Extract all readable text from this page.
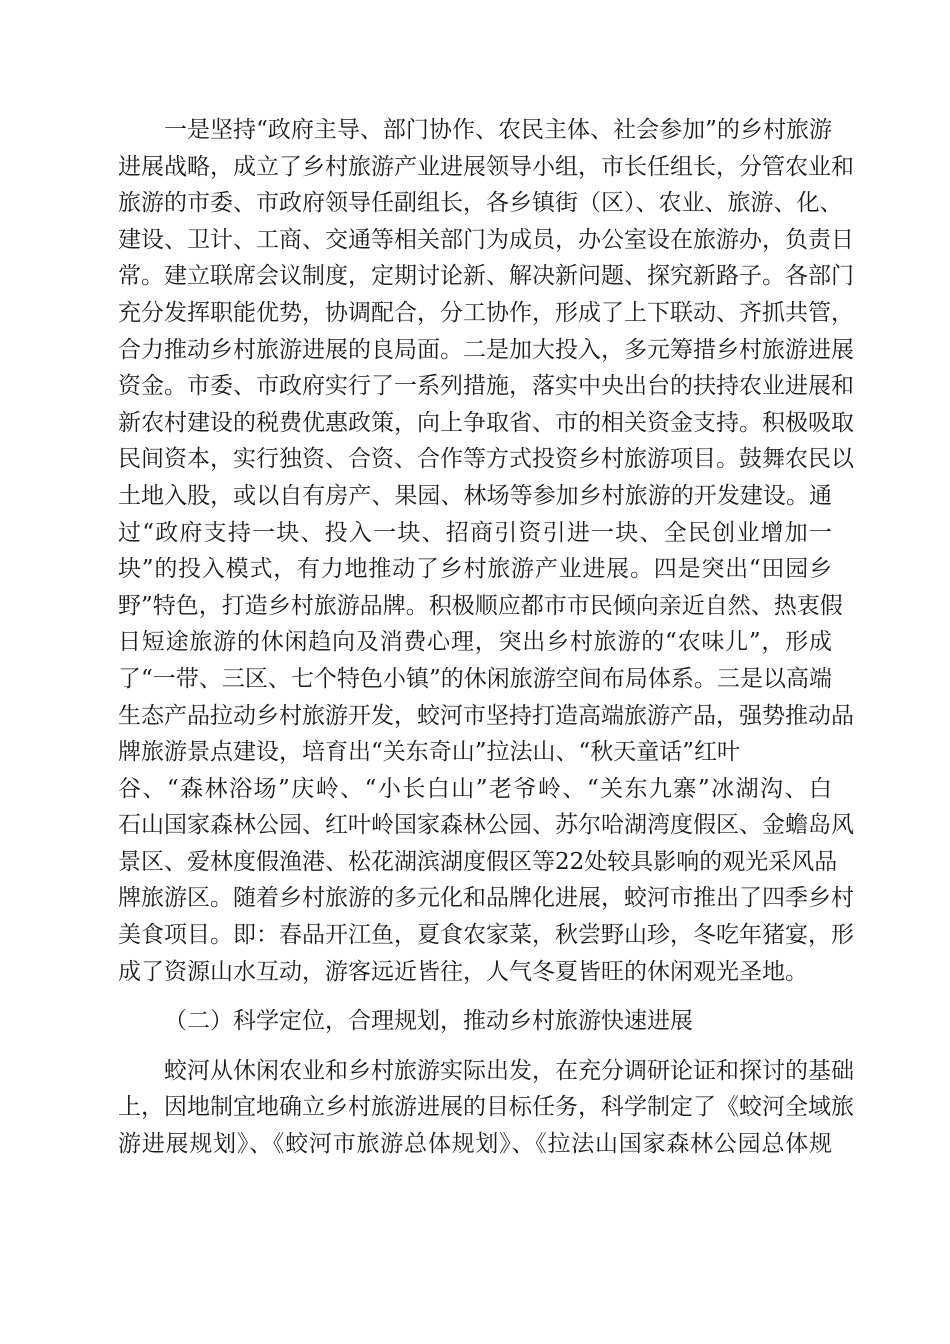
一是坚持“政府主导、部门协作、农民主体、社会参加”的乡村旅游
进展战略，成立了乡村旅游产业进展领导小组，市长任组长，分管农业和
旅游的市委、市政府领导任副组长，各乡镇街（区）、农业、旅游、化、
建设、卫计、工商、交通等相关部门为成员，办公室设在旅游办，负责日
常。建立联席会议制度，定期讨论新、解决新问题、探究新路子。各部门
充分发挥职能优势，协调配合，分工协作，形成了上下联动、齐抓共管，
合力推动乡村旅游进展的良局面。二是加大投入，多元筹措乡村旅游进展
资金。市委、市政府实行了一系列措施，落实中央出台的扶持农业进展和
新农村建设的税费优惠政策，向上争取省、市的相关资金支持。积极吸取
民间资本，实行独资、合资、合作等方式投资乡村旅游项目。鼓舞农民以
土地入股，或以自有房产、果园、林场等参加乡村旅游的开发建设。通
过“政府支持一块、投入一块、招商引资引进一块、全民创业增加一
块”的投入模式，有力地推动了乡村旅游产业进展。四是突出“田园乡
野”特色，打造乡村旅游品牌。积极顺应都市市民倾向亲近自然、热衷假
日短途旅游的休闲趋向及消费心理，突出乡村旅游的“农味儿”，形成
了“一带、三区、七个特色小镇”的休闲旅游空间布局体系。三是以高端
生态产品拉动乡村旅游开发，蛟河市坚持打造高端旅游产品，强势推动品
牌旅游景点建设，培育出“关东奇山”拉法山、“秋天童话”红叶
谷、“森林浴场”庆岭、“小长白山”老爷岭、“关东九寨”冰湖沟、白
石山国家森林公园、红叶岭国家森林公园、苏尔哈湖湾度假区、金蟾岛风
景区、爱林度假渔港、松花湖滨湖度假区等22处较具影响的观光采风品
牌旅游区。随着乡村旅游的多元化和品牌化进展，蛟河市推出了四季乡村
美食项目。即：春品开江鱼，夏食农家菜，秋尝野山珍，冬吃年猪宴，形
成了资源山水互动，游客远近皆往，人气冬夏皆旺的休闲观光圣地。
（二）科学定位，合理规划，推动乡村旅游快速进展
蛟河从休闲农业和乡村旅游实际出发，在充分调研论证和探讨的基础
上，因地制宜地确立乡村旅游进展的目标任务，科学制定了《蛟河全域旅
游进展规划》、《蛟河市旅游总体规划》、《拉法山国家森林公园总体规
